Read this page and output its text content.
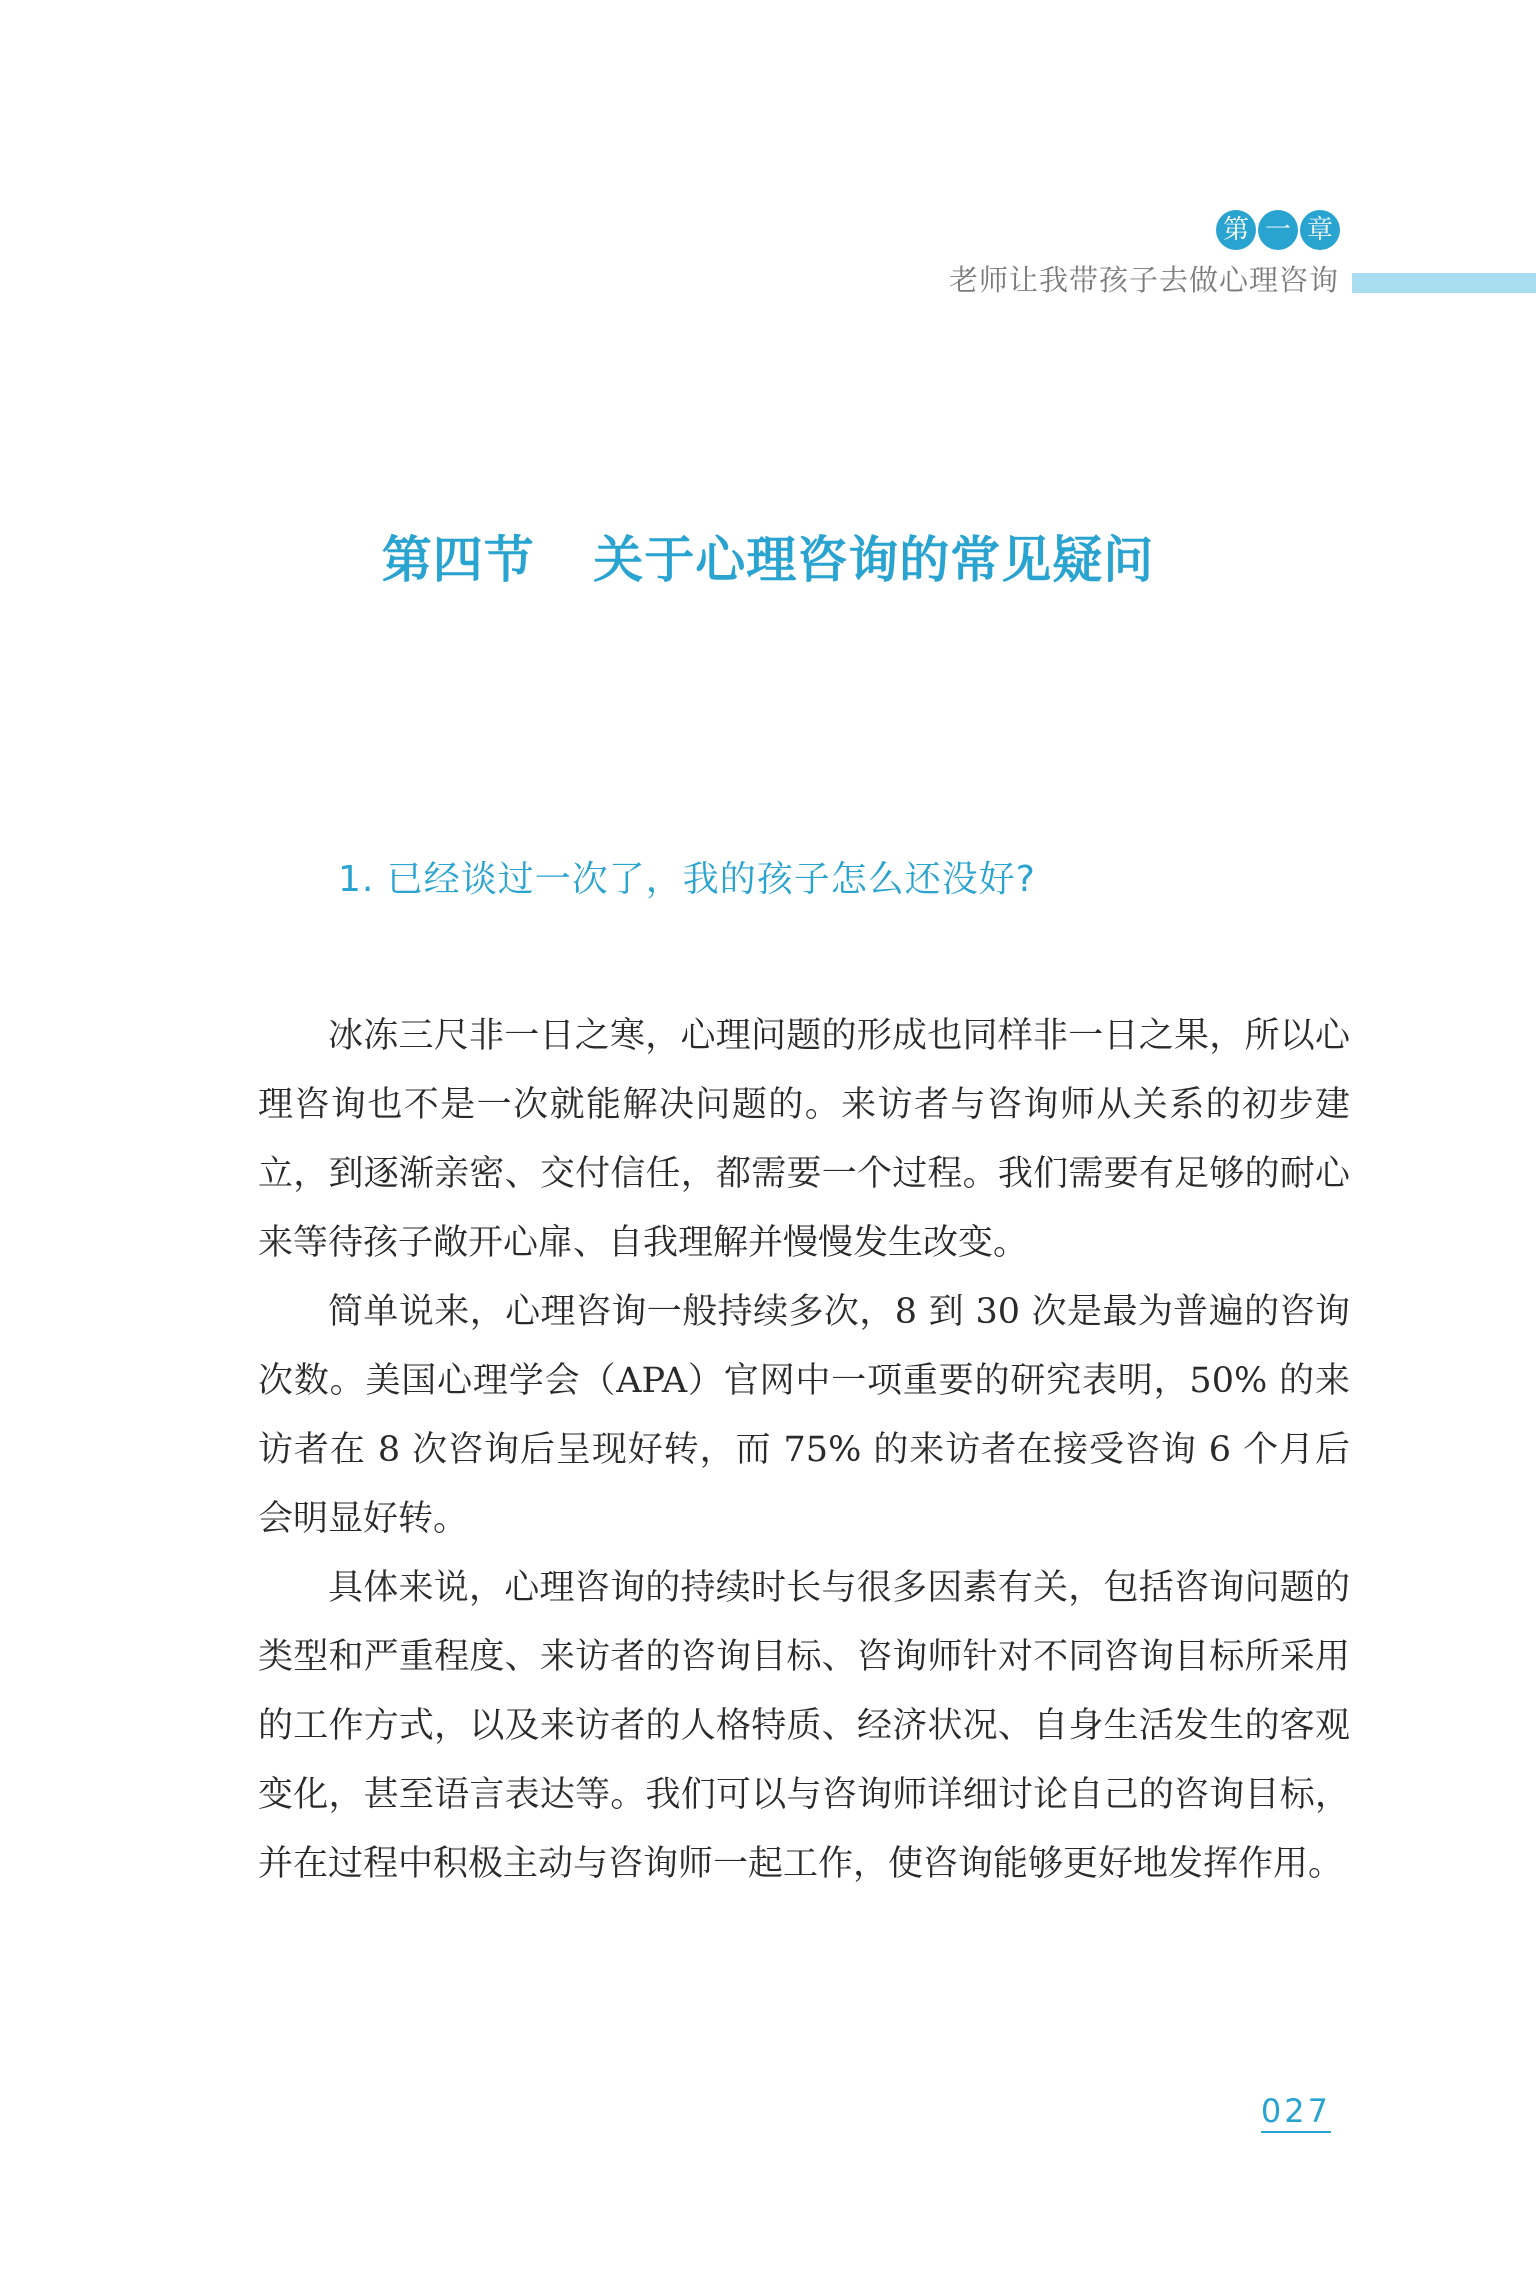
第 一 章
老师让我带孩子去做心理咨询
第四节 关于心理咨询的常见疑问
1. 已经谈过一次了，我的孩子怎么还没好?

冰冻三尺非一日之寒，心理问题的形成也同样非一日之果，所以心理咨询也不是一次就能解决问题的。来访者与咨询师从关系的初步建立，到逐渐亲密、交付信任，都需要一个过程。我们需要有足够的耐心来等待孩子敞开心扉、自我理解并慢慢发生改变。

简单说来，心理咨询一般持续多次，8 到 30 次是最为普遍的咨询次数。美国心理学会（APA）官网中一项重要的研究表明，50% 的来访者在 8 次咨询后呈现好转，而 75% 的来访者在接受咨询 6 个月后会明显好转。

具体来说，心理咨询的持续时长与很多因素有关，包括咨询问题的类型和严重程度、来访者的咨询目标、咨询师针对不同咨询目标所采用的工作方式，以及来访者的人格特质、经济状况、自身生活发生的客观变化，甚至语言表达等。我们可以与咨询师详细讨论自己的咨询目标，并在过程中积极主动与咨询师一起工作，使咨询能够更好地发挥作用。

027
